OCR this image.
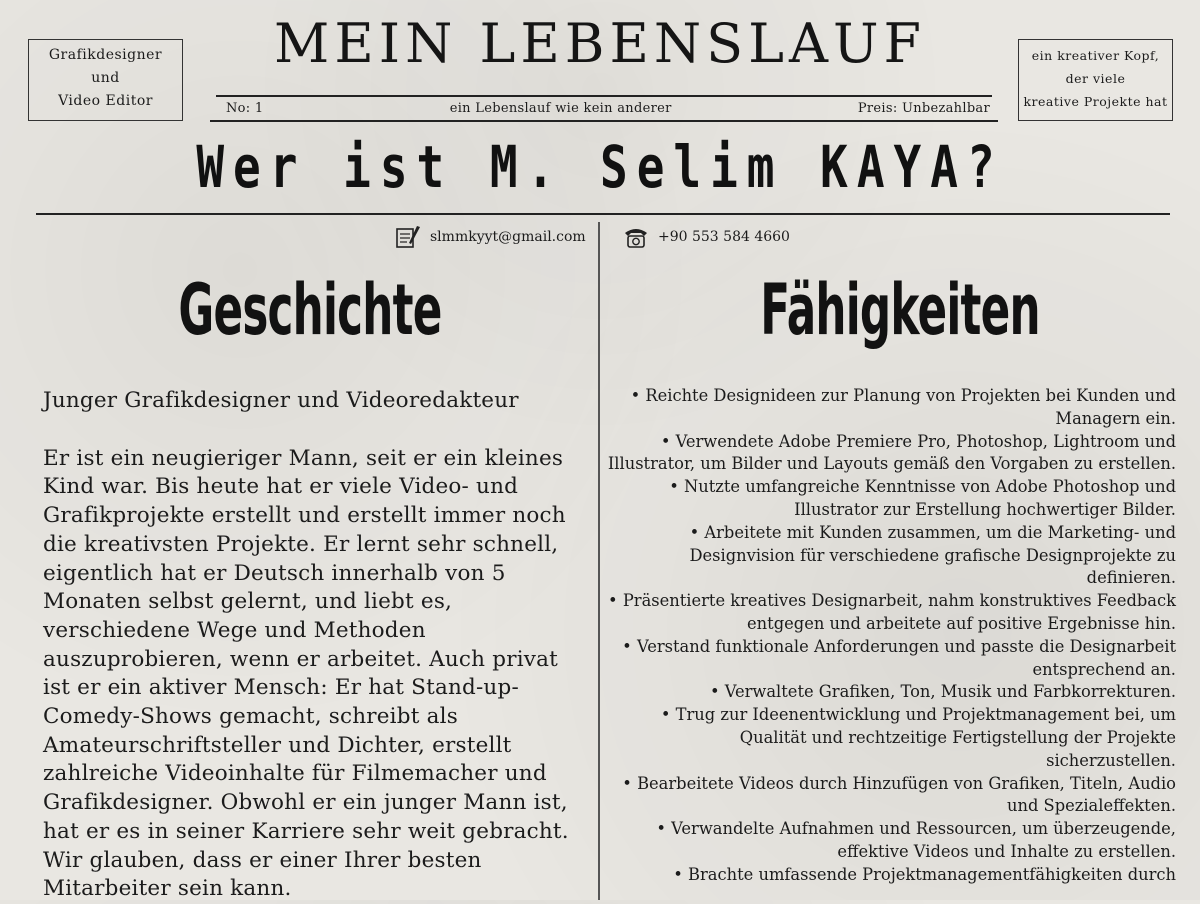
Grafikdesigner
und
Video Editor
MEIN LEBENSLAUF	ein kreativer Kopf,
der viele
kreative Projekte hat
No: 1	ein Lebenslauf wie kein anderer	Preis: Unbezahlbar
Wer ist M. Selim KAYA?
slmmkyyt@gmail.com	+90 553 584 4660
Geschichte	Fähigkeiten

Junger Grafikdesigner und Videoredakteur

Er ist ein neugieriger Mann, seit er ein kleines Kind war. Bis heute hat er viele Video- und Grafikprojekte erstellt und erstellt immer noch die kreativsten Projekte. Er lernt sehr schnell, eigentlich hat er Deutsch innerhalb von 5 Monaten selbst gelernt, und liebt es, verschiedene Wege und Methoden auszuprobieren, wenn er arbeitet. Auch privat ist er ein aktiver Mensch: Er hat Stand-up-Comedy-Shows gemacht, schreibt als Amateurschriftsteller und Dichter, erstellt zahlreiche Videoinhalte für Filmemacher und Grafikdesigner. Obwohl er ein junger Mann ist, hat er es in seiner Karriere sehr weit gebracht. Wir glauben, dass er einer Ihrer besten Mitarbeiter sein kann.

• Reichte Designideen zur Planung von Projekten bei Kunden und Managern ein.
• Verwendete Adobe Premiere Pro, Photoshop, Lightroom und Illustrator, um Bilder und Layouts gemäß den Vorgaben zu erstellen.
• Nutzte umfangreiche Kenntnisse von Adobe Photoshop und Illustrator zur Erstellung hochwertiger Bilder.
• Arbeitete mit Kunden zusammen, um die Marketing- und Designvision für verschiedene grafische Designprojekte zu definieren.
• Präsentierte kreatives Designarbeit, nahm konstruktives Feedback entgegen und arbeitete auf positive Ergebnisse hin.
• Verstand funktionale Anforderungen und passte die Designarbeit entsprechend an.
• Verwaltete Grafiken, Ton, Musik und Farbkorrekturen.
• Trug zur Ideenentwicklung und Projektmanagement bei, um Qualität und rechtzeitige Fertigstellung der Projekte sicherzustellen.
• Bearbeitete Videos durch Hinzufügen von Grafiken, Titeln, Audio und Spezialeffekten.
• Verwandelte Aufnahmen und Ressourcen, um überzeugende, effektive Videos und Inhalte zu erstellen.
• Brachte umfassende Projektmanagementfähigkeiten durch
